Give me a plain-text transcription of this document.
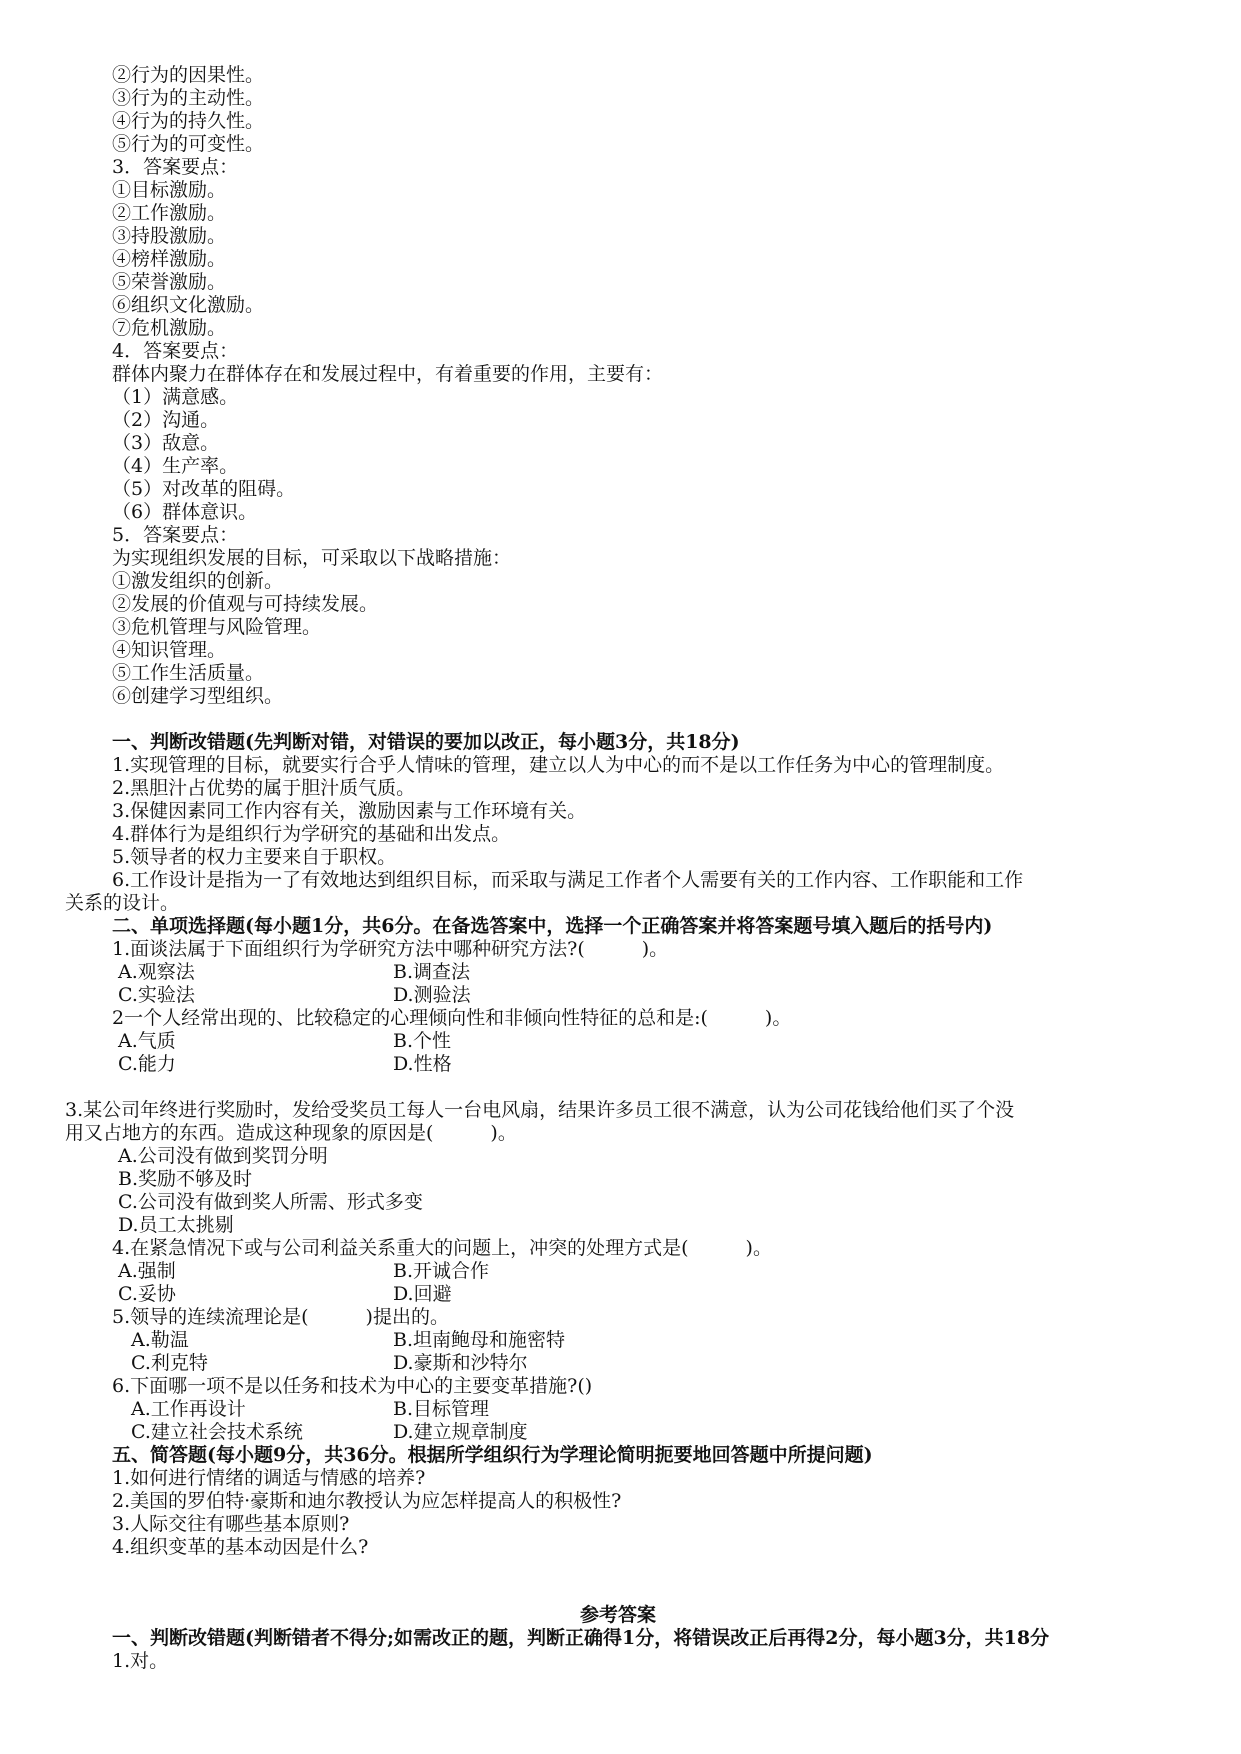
②行为的因果性。
③行为的主动性。
④行为的持久性。
⑤行为的可变性。
3．答案要点：
①目标激励。
②工作激励。
③持股激励。
④榜样激励。
⑤荣誉激励。
⑥组织文化激励。
⑦危机激励。
4．答案要点：
群体内聚力在群体存在和发展过程中，有着重要的作用，主要有：
（1）满意感。
（2）沟通。
（3）敌意。
（4）生产率。
（5）对改革的阻碍。
（6）群体意识。
5．答案要点：
为实现组织发展的目标，可采取以下战略措施：
①激发组织的创新。
②发展的价值观与可持续发展。
③危机管理与风险管理。
④知识管理。
⑤工作生活质量。
⑥创建学习型组织。
一、判断改错题(先判断对错，对错误的要加以改正，每小题3分，共18分)
1.实现管理的目标，就要实行合乎人情味的管理，建立以人为中心的而不是以工作任务为中心的管理制度。
2.黑胆汁占优势的属于胆汁质气质。
3.保健因素同工作内容有关，激励因素与工作环境有关。
4.群体行为是组织行为学研究的基础和出发点。
5.领导者的权力主要来自于职权。
6.工作设计是指为一了有效地达到组织目标，而采取与满足工作者个人需要有关的工作内容、工作职能和工作
关系的设计。
二、单项选择题(每小题1分，共6分。在备选答案中，选择一个正确答案并将答案题号填入题后的括号内)
1.面谈法属于下面组织行为学研究方法中哪种研究方法?(　　　)。
A.观察法	B.调查法
C.实验法	D.测验法
2一个人经常出现的、比较稳定的心理倾向性和非倾向性特征的总和是:(　　　)。
A.气质	B.个性
C.能力	D.性格
3.某公司年终进行奖励时，发给受奖员工每人一台电风扇，结果许多员工很不满意，认为公司花钱给他们买了个没
用又占地方的东西。造成这种现象的原因是(　　　)。
A.公司没有做到奖罚分明
B.奖励不够及时
C.公司没有做到奖人所需、形式多变
D.员工太挑剔
4.在紧急情况下或与公司利益关系重大的问题上，冲突的处理方式是(　　　)。
A.强制	B.开诚合作
C.妥协	D.回避
5.领导的连续流理论是(　　　)提出的。
A.勒温	B.坦南鲍母和施密特
C.利克特	D.豪斯和沙特尔
6.下面哪一项不是以任务和技术为中心的主要变革措施?()
A.工作再设计	B.目标管理
C.建立社会技术系统	D.建立规章制度
五、简答题(每小题9分，共36分。根据所学组织行为学理论简明扼要地回答题中所提问题)
1.如何进行情绪的调适与情感的培养?
2.美国的罗伯特·豪斯和迪尔教授认为应怎样提高人的积极性?
3.人际交往有哪些基本原则?
4.组织变革的基本动因是什么?
参考答案
一、判断改错题(判断错者不得分;如需改正的题，判断正确得1分，将错误改正后再得2分，每小题3分，共18分
1.对。
